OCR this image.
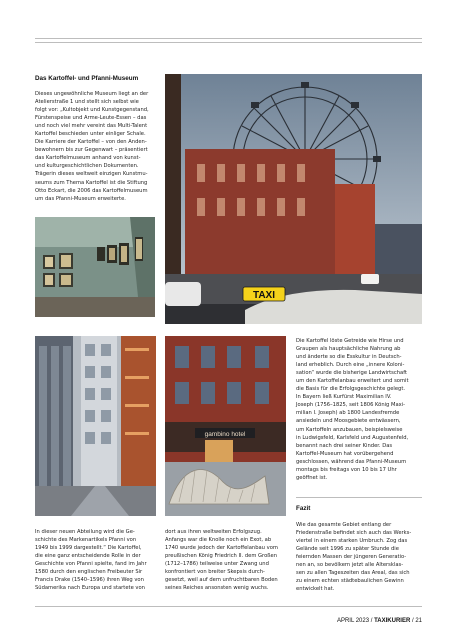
Das Kartoffel- und Pfanni-Museum
Dieses ungewöhnliche Museum liegt an der
Atelierstraße 1 und stellt sich selbst wie
folgt vor: „Kultobjekt und Kunstgegenstand,
Fürstenspeise und Arme-Leute-Essen – das
und noch viel mehr vereint das Multi-Talent
Kartoffel beschieden unter einliger Schale.
Die Karriere der Kartoffel – von den Anden-
bewohnern bis zur Gegenwart – präsentiert
das Kartoffelmuseum anhand von kunst-
und kulturgeschichtlichen Dokumenten.
Trägerin dieses weltweit einzigen Kunstmu-
seums zum Thema Kartoffel ist die Stiftung
Otto Eckart, die 2006 das Kartoffelmuseum
um das Pfanni-Museum erweiterte.
TAXI
gambino hotel
Die Kartoffel löste Getreide wie Hirse und
Graupen als hauptsächliche Nahrung ab
und änderte so die Esskultur in Deutsch-
land erheblich. Durch eine „innere Koloni-
sation“ wurde die bisherige Landwirtschaft
um den Kartoffelanbau erweitert und somit
die Basis für die Erfolgsgeschichte gelegt.
In Bayern ließ Kurfürst Maximilian IV.
Joseph (1756–1825, seit 1806 König Maxi-
milian I. Joseph) ab 1800 Landesfremde
ansiedeln und Moosgebiete entwässern,
um Kartoffeln anzubauen, beispielsweise
in Ludwigsfeld, Karlsfeld und Augustenfeld,
benannt nach drei seiner Kinder. Das
Kartoffel-Museum hat vorübergehend
geschlossen, während das Pfanni-Museum
montags bis freitags von 10 bis 17 Uhr
geöffnet ist.
Fazit
Wie das gesamte Gebiet entlang der
Friedenstraße befindet sich auch das Werks-
viertel in einem starken Umbruch. Zog das
Gelände seit 1996 zu später Stunde die
feiernden Massen der jüngeren Generatio-
nen an, so bevölkern jetzt alle Altersklas-
sen zu allen Tageszeiten das Areal, das sich
zu einem echten städtebaulichen Gewinn
entwickelt hat.
In dieser neuen Abteilung wird die Ge-
schichte des Markenartikels Pfanni von
1949 bis 1999 dargestellt.“ Die Kartoffel,
die eine ganz entscheidende Rolle in der
Geschichte von Pfanni spielte, fand im Jahr
1580 durch den englischen Freibeuter Sir
Francis Drake (1540–1596) ihren Weg von
Südamerika nach Europa und startete von
dort aus ihren weltweiten Erfolgszug.
Anfangs war die Knolle noch ein Exot, ab
1740 wurde jedoch der Kartoffelanbau vom
preußischen König Friedrich II. dem Großen
(1712–1786) teilweise unter Zwang und
konfrontiert von breiter Skepsis durch-
gesetzt, weil auf dem unfruchtbaren Boden
seines Reiches ansonsten wenig wuchs.
APRIL 2023 / TAXIKURIER / 21
